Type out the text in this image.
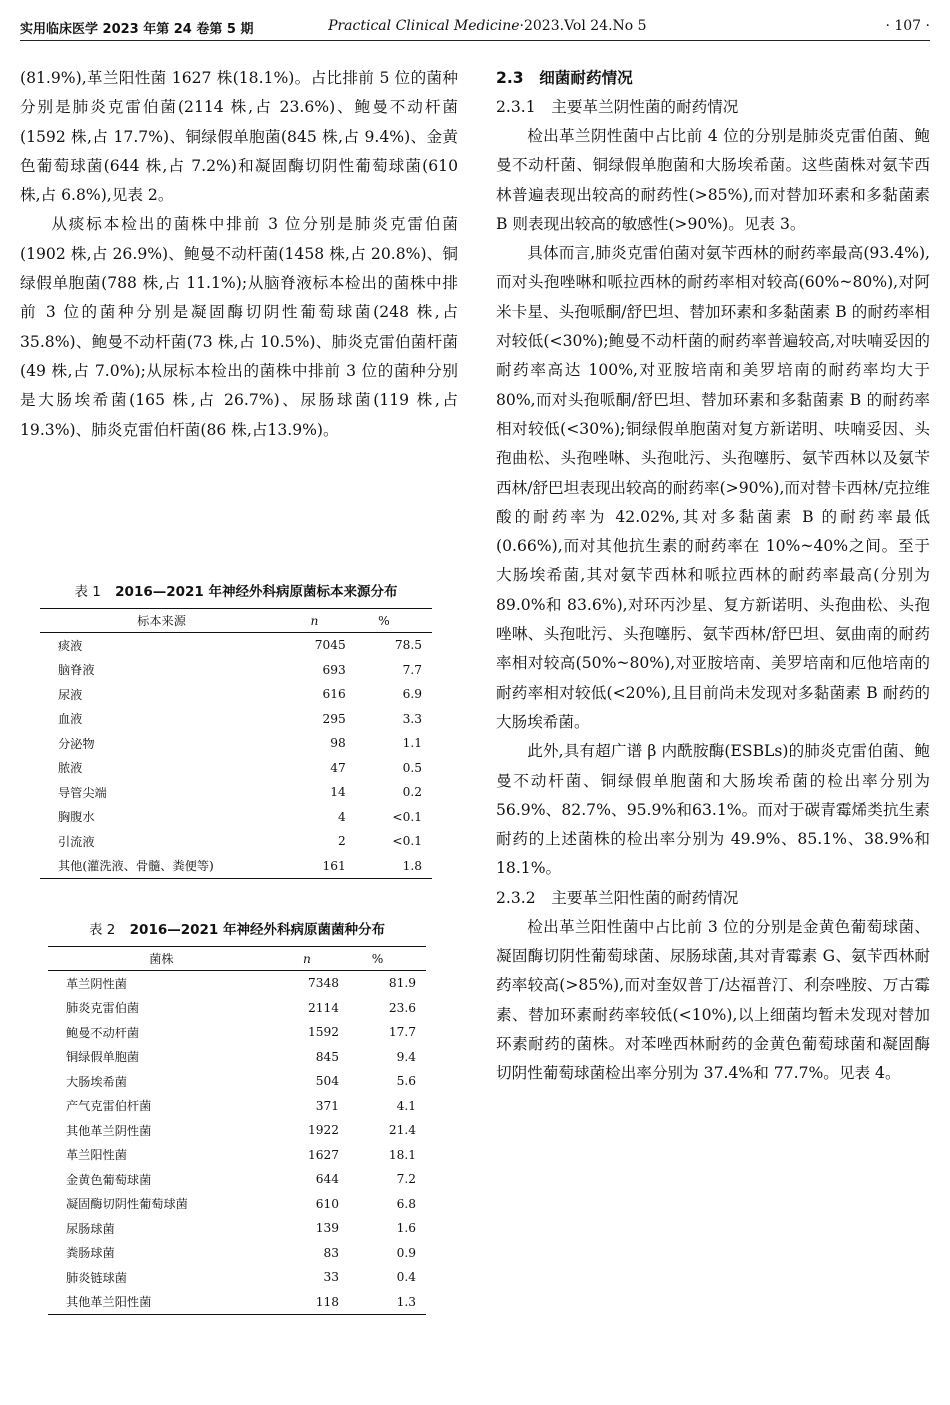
实用临床医学 2023 年第 24 卷第 5 期	Practical Clinical Medicine·2023.Vol 24.No 5	· 107 ·

(81.9%),革兰阳性菌 1627 株(18.1%)。占比排前 5 位的菌种分别是肺炎克雷伯菌(2114 株,占 23.6%)、鲍曼不动杆菌(1592 株,占 17.7%)、铜绿假单胞菌(845 株,占 9.4%)、金黄色葡萄球菌(644 株,占 7.2%)和凝固酶切阴性葡萄球菌(610 株,占 6.8%),见表 2。

从痰标本检出的菌株中排前 3 位分别是肺炎克雷伯菌(1902 株,占 26.9%)、鲍曼不动杆菌(1458 株,占 20.8%)、铜绿假单胞菌(788 株,占 11.1%);从脑脊液标本检出的菌株中排前 3 位的菌种分别是凝固酶切阴性葡萄球菌(248 株,占 35.8%)、鲍曼不动杆菌(73 株,占 10.5%)、肺炎克雷伯菌杆菌(49 株,占 7.0%);从尿标本检出的菌株中排前 3 位的菌种分别是大肠埃希菌(165 株,占 26.7%)、尿肠球菌(119 株,占 19.3%)、肺炎克雷伯杆菌(86 株,占13.9%)。

表 1 2016—2021 年神经外科病原菌标本来源分布
标本来源	n	%
痰液	7045	78.5
脑脊液	693	7.7
尿液	616	6.9
血液	295	3.3
分泌物	98	1.1
脓液	47	0.5
导管尖端	14	0.2
胸腹水	4	<0.1
引流液	2	<0.1
其他(灌洗液、骨髓、粪便等)	161	1.8
表 2 2016—2021 年神经外科病原菌菌种分布
菌株	n	%
革兰阴性菌	7348	81.9
肺炎克雷伯菌	2114	23.6
鲍曼不动杆菌	1592	17.7
铜绿假单胞菌	845	9.4
大肠埃希菌	504	5.6
产气克雷伯杆菌	371	4.1
其他革兰阴性菌	1922	21.4
革兰阳性菌	1627	18.1
金黄色葡萄球菌	644	7.2
凝固酶切阴性葡萄球菌	610	6.8
尿肠球菌	139	1.6
粪肠球菌	83	0.9
肺炎链球菌	33	0.4
其他革兰阳性菌	118	1.3
2.3　细菌耐药情况
2.3.1　主要革兰阴性菌的耐药情况

检出革兰阴性菌中占比前 4 位的分别是肺炎克雷伯菌、鲍曼不动杆菌、铜绿假单胞菌和大肠埃希菌。这些菌株对氨苄西林普遍表现出较高的耐药性(>85%),而对替加环素和多黏菌素 B 则表现出较高的敏感性(>90%)。见表 3。

具体而言,肺炎克雷伯菌对氨苄西林的耐药率最高(93.4%),而对头孢唑啉和哌拉西林的耐药率相对较高(60%~80%),对阿米卡星、头孢哌酮/舒巴坦、替加环素和多黏菌素 B 的耐药率相对较低(<30%);鲍曼不动杆菌的耐药率普遍较高,对呋喃妥因的耐药率高达 100%,对亚胺培南和美罗培南的耐药率均大于 80%,而对头孢哌酮/舒巴坦、替加环素和多黏菌素 B 的耐药率相对较低(<30%);铜绿假单胞菌对复方新诺明、呋喃妥因、头孢曲松、头孢唑啉、头孢吡污、头孢噻肟、氨苄西林以及氨苄西林/舒巴坦表现出较高的耐药率(>90%),而对替卡西林/克拉维酸的耐药率为 42.02%,其对多黏菌素 B 的耐药率最低(0.66%),而对其他抗生素的耐药率在 10%~40%之间。至于大肠埃希菌,其对氨苄西林和哌拉西林的耐药率最高(分别为 89.0%和 83.6%),对环丙沙星、复方新诺明、头孢曲松、头孢唑啉、头孢吡污、头孢噻肟、氨苄西林/舒巴坦、氨曲南的耐药率相对较高(50%~80%),对亚胺培南、美罗培南和厄他培南的耐药率相对较低(<20%),且目前尚未发现对多黏菌素 B 耐药的大肠埃希菌。

此外,具有超广谱 β 内酰胺酶(ESBLs)的肺炎克雷伯菌、鲍曼不动杆菌、铜绿假单胞菌和大肠埃希菌的检出率分别为 56.9%、82.7%、95.9%和63.1%。而对于碳青霉烯类抗生素耐药的上述菌株的检出率分别为 49.9%、85.1%、38.9%和 18.1%。

2.3.2　主要革兰阳性菌的耐药情况

检出革兰阳性菌中占比前 3 位的分别是金黄色葡萄球菌、凝固酶切阴性葡萄球菌、尿肠球菌,其对青霉素 G、氨苄西林耐药率较高(>85%),而对奎奴普丁/达福普汀、利奈唑胺、万古霉素、替加环素耐药率较低(<10%),以上细菌均暂未发现对替加环素耐药的菌株。对苯唑西林耐药的金黄色葡萄球菌和凝固酶切阴性葡萄球菌检出率分别为 37.4%和 77.7%。见表 4。
